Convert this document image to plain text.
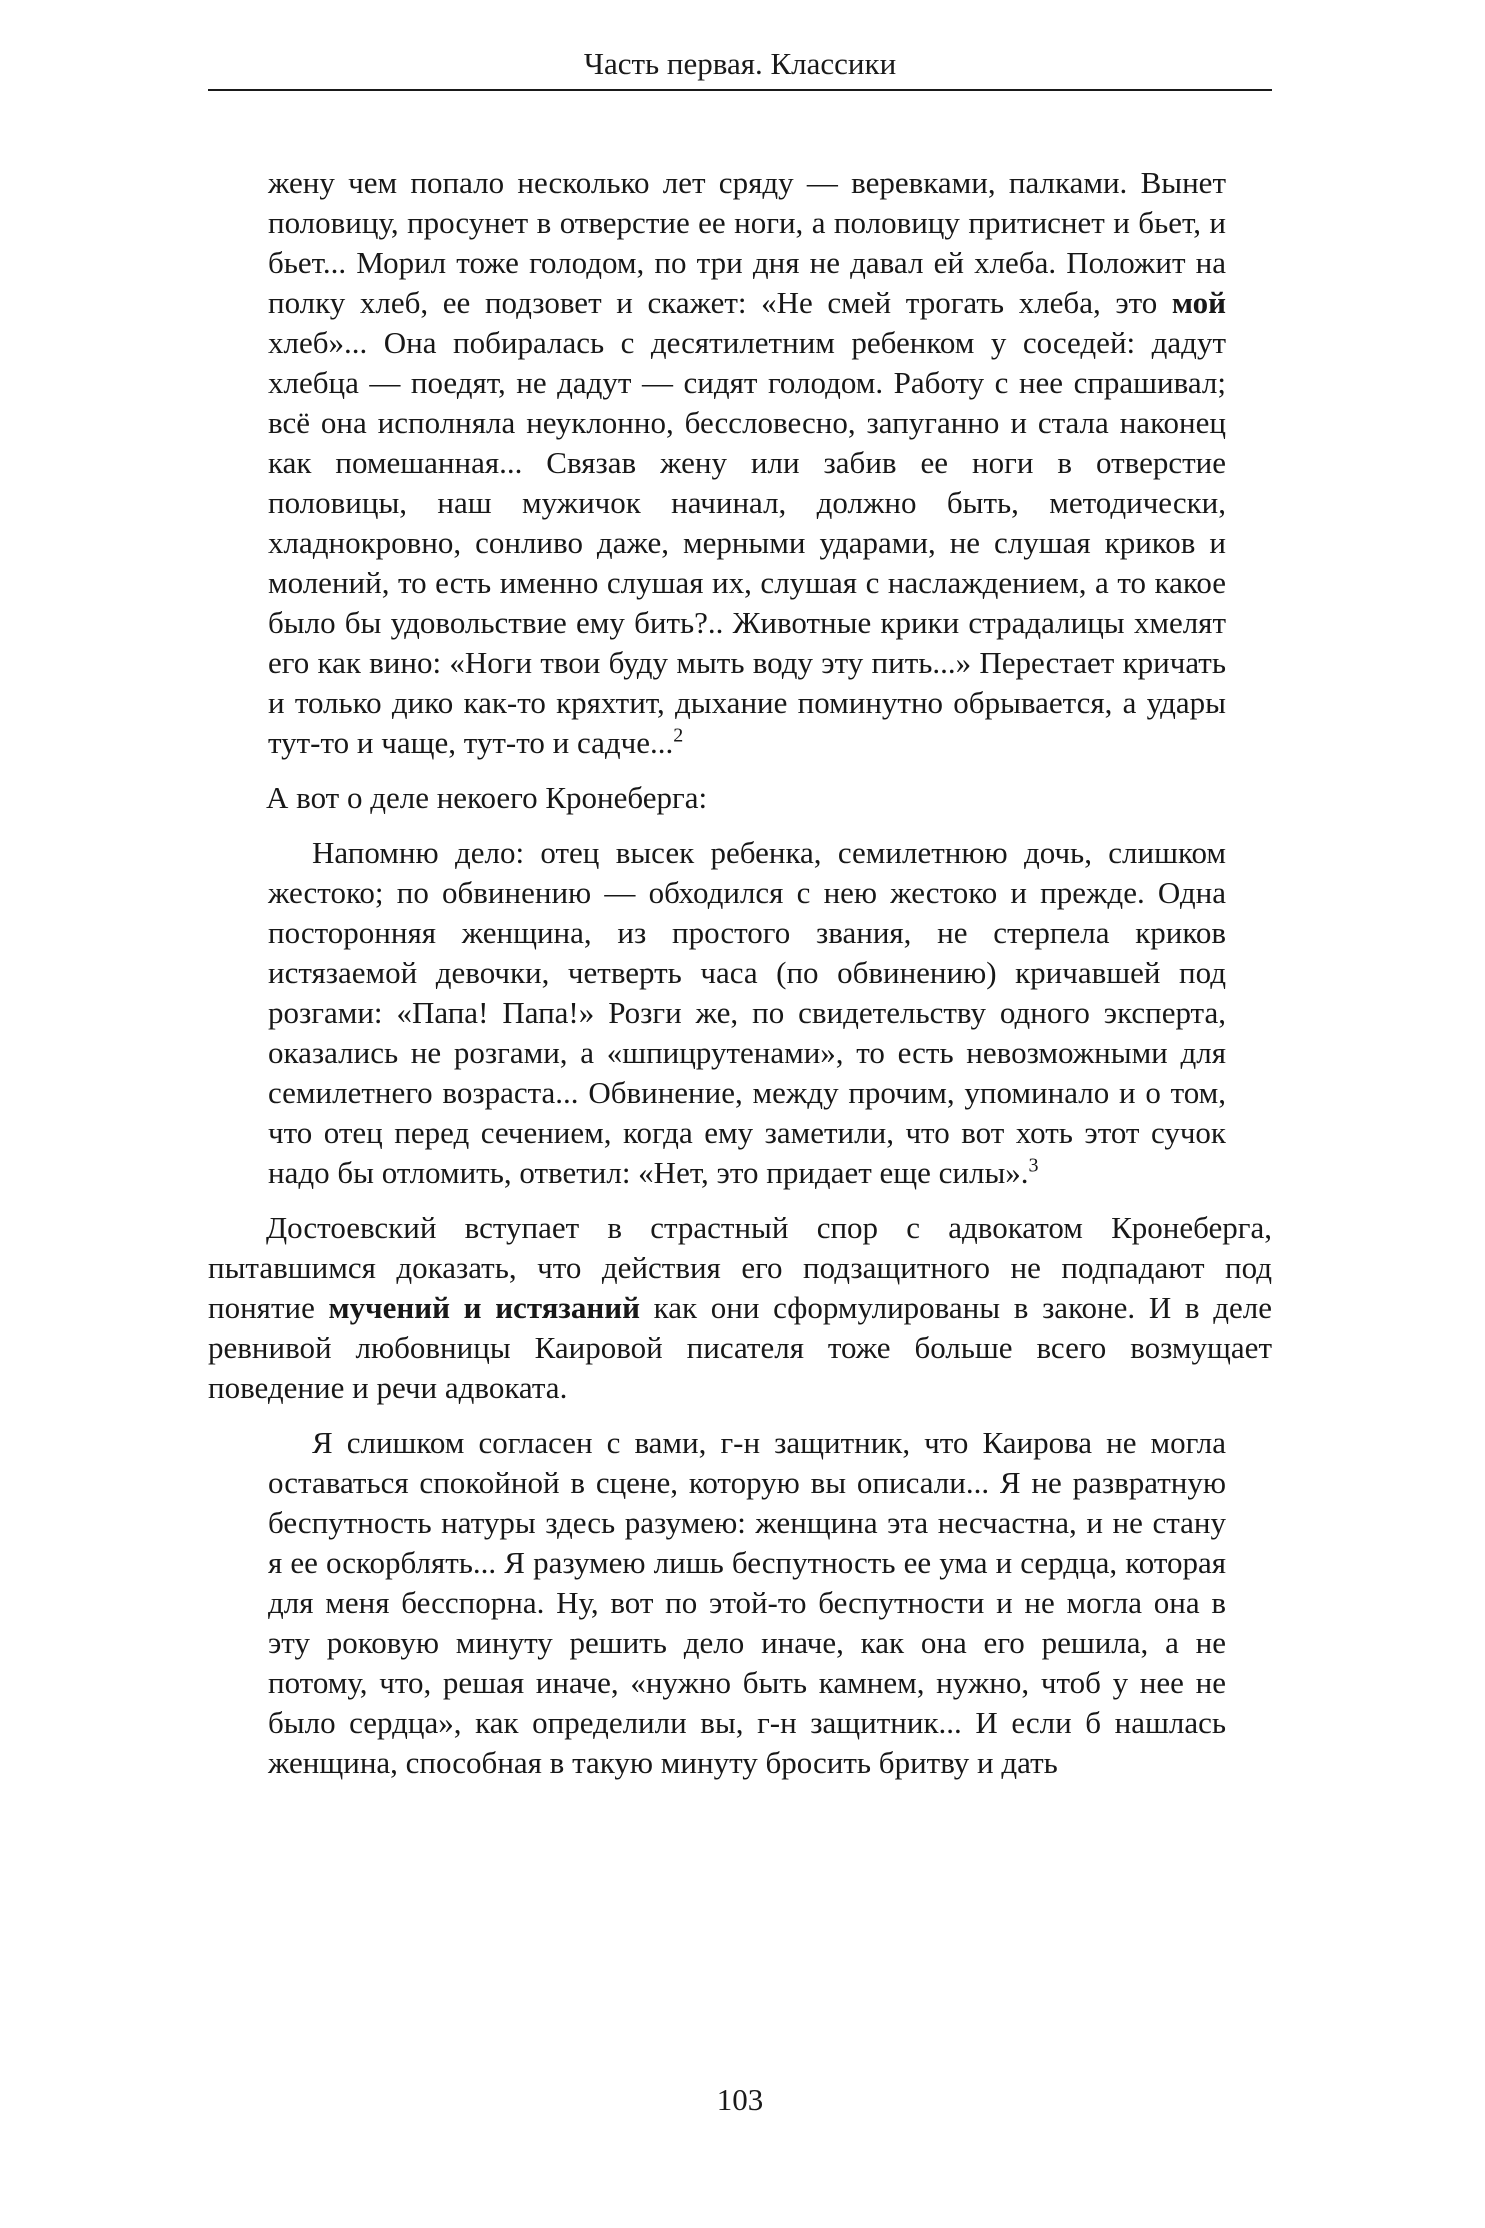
Часть первая. Классики

жену чем попало несколько лет сряду — веревками, палками. Вынет половицу, просунет в отверстие ее ноги, а половицу притиснет и бьет, и бьет... Морил тоже голодом, по три дня не давал ей хлеба. Положит на полку хлеб, ее подзовет и скажет: «Не смей трогать хлеба, это мой хлеб»... Она побиралась с десятилетним ребенком у соседей: дадут хлебца — поедят, не дадут — сидят голодом. Работу с нее спрашивал; всё она исполняла неуклонно, бессловесно, запуганно и стала наконец как помешанная... Связав жену или забив ее ноги в отверстие половицы, наш мужичок начинал, должно быть, методически, хладнокровно, сонливо даже, мерными ударами, не слушая криков и молений, то есть именно слушая их, слушая с наслаждением, а то какое было бы удовольствие ему бить?.. Животные крики страдалицы хмелят его как вино: «Ноги твои буду мыть воду эту пить...» Перестает кричать и только дико как-то кряхтит, дыхание поминутно обрывается, а удары тут-то и чаще, тут-то и садче...$^2$

А вот о деле некоего Кронеберга:

Напомню дело: отец высек ребенка, семилетнюю дочь, слишком жестоко; по обвинению — обходился с нею жестоко и прежде. Одна посторонняя женщина, из простого звания, не стерпела криков истязаемой девочки, четверть часа (по обвинению) кричавшей под розгами: «Папа! Папа!» Розги же, по свидетельству одного эксперта, оказались не розгами, а «шпицрутенами», то есть невозможными для семилетнего возраста... Обвинение, между прочим, упоминало и о том, что отец перед сечением, когда ему заметили, что вот хоть этот сучок надо бы отломить, ответил: «Нет, это придает еще силы».$^3$

Достоевский вступает в страстный спор с адвокатом Кронеберга, пытавшимся доказать, что действия его подзащитного не подпадают под понятие мучений и истязаний как они сформулированы в законе. И в деле ревнивой любовницы Каировой писателя тоже больше всего возмущает поведение и речи адвоката.

Я слишком согласен с вами, г-н защитник, что Каирова не могла оставаться спокойной в сцене, которую вы описали... Я не развратную беспутность натуры здесь разумею: женщина эта несчастна, и не стану я ее оскорблять... Я разумею лишь беспутность ее ума и сердца, которая для меня бесспорна. Ну, вот по этой-то беспутности и не могла она в эту роковую минуту решить дело иначе, как она его решила, а не потому, что, решая иначе, «нужно быть камнем, нужно, чтоб у нее не было сердца», как определили вы, г-н защитник... И если б нашлась женщина, способная в такую минуту бросить бритву и дать

103
